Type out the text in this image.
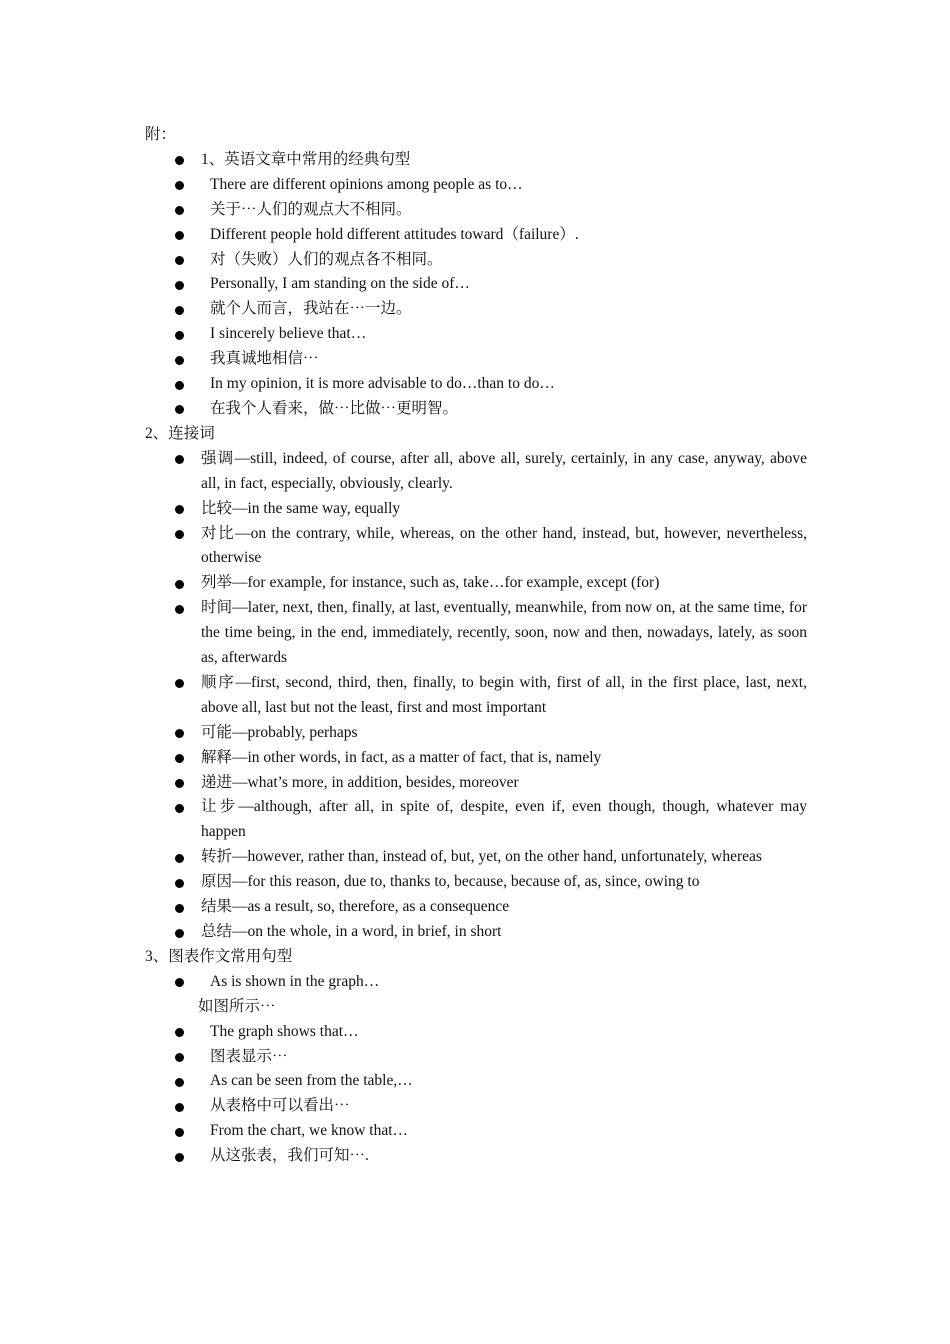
附：

1、英语文章中常用的经典句型
There are different opinions among people as to…
关于⋯人们的观点大不相同。
Different people hold different attitudes toward（failure）.
对（失败）人们的观点各不相同。
Personally, I am standing on the side of…
就个人而言，我站在⋯一边。
I sincerely believe that…
我真诚地相信⋯
In my opinion, it is more advisable to do…than to do…
在我个人看来，做⋯比做⋯更明智。

2、连接词

强调—still, indeed, of course, after all, above all, surely, certainly, in any case, anyway, above all, in fact, especially, obviously, clearly.
比较—in the same way, equally
对比—on the contrary, while, whereas, on the other hand, instead, but, however, nevertheless, otherwise
列举—for example, for instance, such as, take…for example, except (for)
时间—later, next, then, finally, at last, eventually, meanwhile, from now on, at the same time, for the time being, in the end, immediately, recently, soon, now and then, nowadays, lately, as soon as, afterwards
顺序—first, second, third, then, finally, to begin with, first of all, in the first place, last, next, above all, last but not the least, first and most important
可能—probably, perhaps
解释—in other words, in fact, as a matter of fact, that is, namely
递进—what’s more, in addition, besides, moreover
让步—although, after all, in spite of, despite, even if, even though, though, whatever may happen
转折—however, rather than, instead of, but, yet, on the other hand, unfortunately, whereas
原因—for this reason, due to, thanks to, because, because of, as, since, owing to
结果—as a result, so, therefore, as a consequence
总结—on the whole, in a word, in brief, in short

3、图表作文常用句型

As is shown in the graph…

如图所示⋯

The graph shows that…
图表显示⋯
As can be seen from the table,…
从表格中可以看出⋯
From the chart, we know that…
从这张表，我们可知⋯.
